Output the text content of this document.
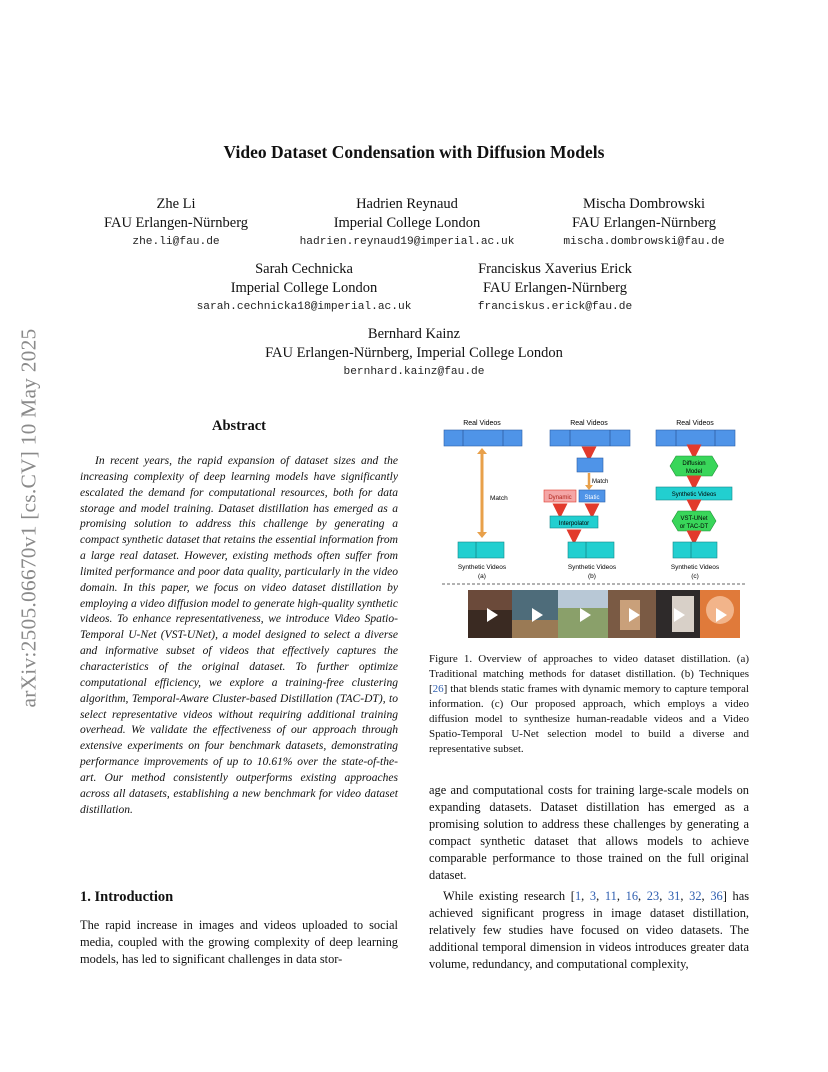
arXiv:2505.06670v1 [cs.CV] 10 May 2025
Video Dataset Condensation with Diffusion Models
Zhe Li
FAU Erlangen-Nürnberg
zhe.li@fau.de
Hadrien Reynaud
Imperial College London
hadrien.reynaud19@imperial.ac.uk
Mischa Dombrowski
FAU Erlangen-Nürnberg
mischa.dombrowski@fau.de
Sarah Cechnicka
Imperial College London
sarah.cechnicka18@imperial.ac.uk
Franciskus Xaverius Erick
FAU Erlangen-Nürnberg
franciskus.erick@fau.de
Bernhard Kainz
FAU Erlangen-Nürnberg, Imperial College London
bernhard.kainz@fau.de
Abstract

In recent years, the rapid expansion of dataset sizes and the increasing complexity of deep learning models have significantly escalated the demand for computational resources, both for data storage and model training. Dataset distillation has emerged as a promising solution to address this challenge by generating a compact synthetic dataset that retains the essential information from a large real dataset. However, existing methods often suffer from limited performance and poor data quality, particularly in the video domain. In this paper, we focus on video dataset distillation by employing a video diffusion model to generate high-quality synthetic videos. To enhance representativeness, we introduce Video Spatio-Temporal U-Net (VST-UNet), a model designed to select a diverse and informative subset of videos that effectively captures the characteristics of the original dataset. To further optimize computational efficiency, we explore a training-free clustering algorithm, Temporal-Aware Cluster-based Distillation (TAC-DT), to select representative videos without requiring additional training overhead. We validate the effectiveness of our approach through extensive experiments on four benchmark datasets, demonstrating performance improvements of up to 10.61% over the state-of-the-art. Our method consistently outperforms existing approaches across all datasets, establishing a new benchmark for video dataset distillation.

1. Introduction

The rapid increase in images and videos uploaded to social media, coupled with the growing complexity of deep learning models, has led to significant challenges in data stor-

Real Videos
Match
Synthetic Videos
(a)
Real Videos
Match
Dynamic Static
Interpolator
Synthetic Videos
(b)
Real Videos
Diffusion
Model
Synthetic Videos
VST-UNet
or TAC-DT
Synthetic Videos
(c)

Figure 1. Overview of approaches to video dataset distillation. (a) Traditional matching methods for dataset distillation. (b) Techniques [26] that blends static frames with dynamic memory to capture temporal information. (c) Our proposed approach, which employs a video diffusion model to synthesize human-readable videos and a Video Spatio-Temporal U-Net selection model to build a diverse and representative subset.

age and computational costs for training large-scale models on expanding datasets. Dataset distillation has emerged as a promising solution to address these challenges by generating a compact synthetic dataset that allows models to achieve comparable performance to those trained on the full original dataset.

While existing research [1, 3, 11, 16, 23, 31, 32, 36] has achieved significant progress in image dataset distillation, relatively few studies have focused on video datasets. The additional temporal dimension in videos introduces greater data volume, redundancy, and computational complexity,
